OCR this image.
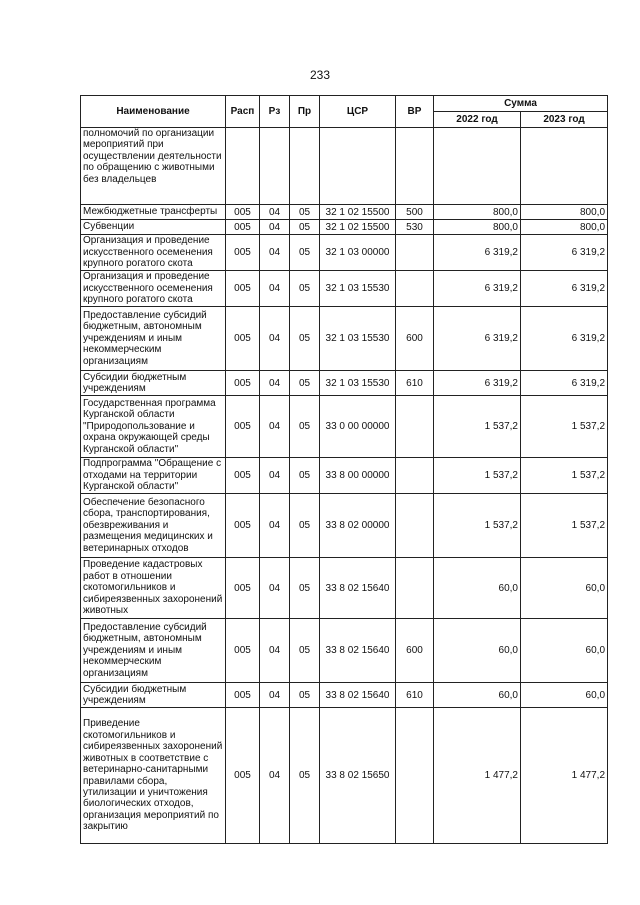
233
Наименование	Расп	Рз	Пр	ЦСР	ВР	Сумма	
						2022 год	2023 год
полномочий по организации мероприятий при осуществлении деятельности по обращению с животными без владельцев							
Межбюджетные трансферты	005	04	05	32 1 02 15500	500	800,0	800,0
Субвенции	005	04	05	32 1 02 15500	530	800,0	800,0
Организация и проведение искусственного осеменения крупного рогатого скота	005	04	05	32 1 03 00000		6 319,2	6 319,2
Организация и проведение искусственного осеменения крупного рогатого скота	005	04	05	32 1 03 15530		6 319,2	6 319,2
Предоставление субсидий бюджетным, автономным учреждениям и иным некоммерческим организациям	005	04	05	32 1 03 15530	600	6 319,2	6 319,2
Субсидии бюджетным учреждениям	005	04	05	32 1 03 15530	610	6 319,2	6 319,2
Государственная программа Курганской области "Природопользование и охрана окружающей среды Курганской области"	005	04	05	33 0 00 00000		1 537,2	1 537,2
Подпрограмма "Обращение с отходами на территории Курганской области"	005	04	05	33 8 00 00000		1 537,2	1 537,2
Обеспечение безопасного сбора, транспортирования, обезвреживания и размещения медицинских и ветеринарных отходов	005	04	05	33 8 02 00000		1 537,2	1 537,2
Проведение кадастровых работ в отношении скотомогильников и сибиреязвенных захоронений животных	005	04	05	33 8 02 15640		60,0	60,0
Предоставление субсидий бюджетным, автономным учреждениям и иным некоммерческим организациям	005	04	05	33 8 02 15640	600	60,0	60,0
Субсидии бюджетным учреждениям	005	04	05	33 8 02 15640	610	60,0	60,0
Приведение скотомогильников и сибиреязвенных захоронений животных в соответствие с ветеринарно-санитарными правилами сбора, утилизации и уничтожения биологических отходов, организация мероприятий по закрытию	005	04	05	33 8 02 15650		1 477,2	1 477,2
